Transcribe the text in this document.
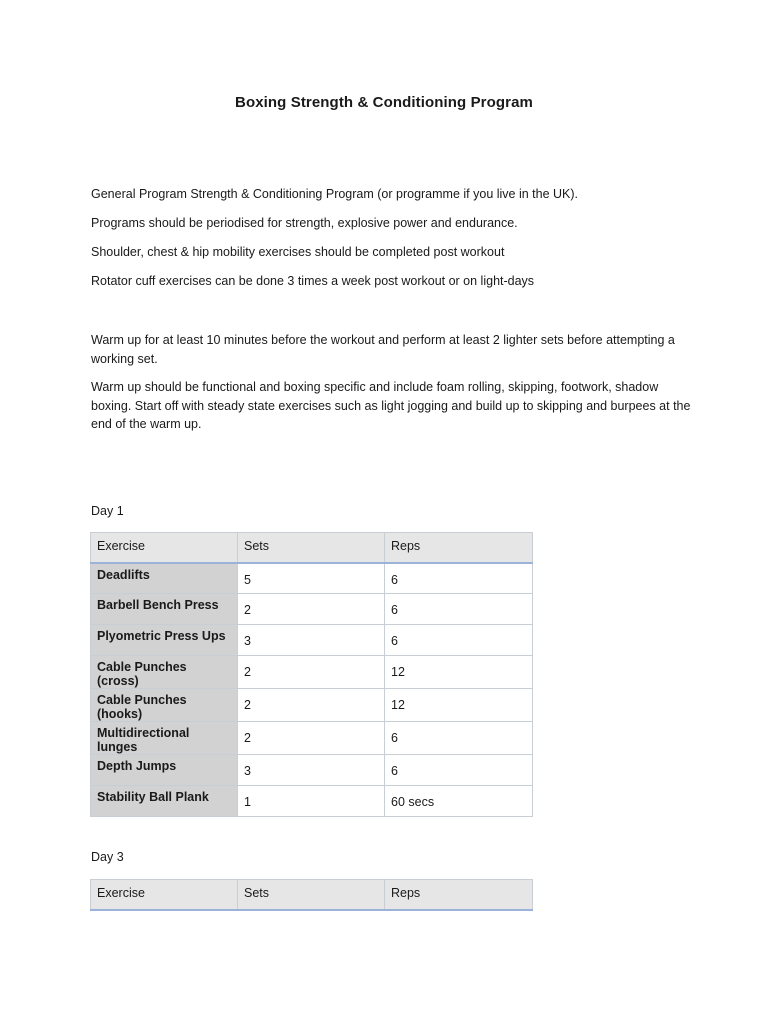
Boxing Strength & Conditioning Program
General Program Strength & Conditioning Program (or programme if you live in the UK).
Programs should be periodised for strength, explosive power and endurance.
Shoulder, chest & hip mobility exercises should be completed post workout
Rotator cuff exercises can be done 3 times a week post workout or on light-days
Warm up for at least 10 minutes before the workout and perform at least 2 lighter sets before attempting a working set.
Warm up should be functional and boxing specific and include foam rolling, skipping, footwork, shadow boxing. Start off with steady state exercises such as light jogging and build up to skipping and burpees at the end of the warm up.
Day 1
Exercise	Sets	Reps
Deadlifts	5	6
Barbell Bench Press	2	6
Plyometric Press Ups	3	6
Cable Punches (cross)	2	12
Cable Punches (hooks)	2	12
Multidirectional lunges	2	6
Depth Jumps	3	6
Stability Ball Plank	1	60 secs
Day 3
Exercise	Sets	Reps
